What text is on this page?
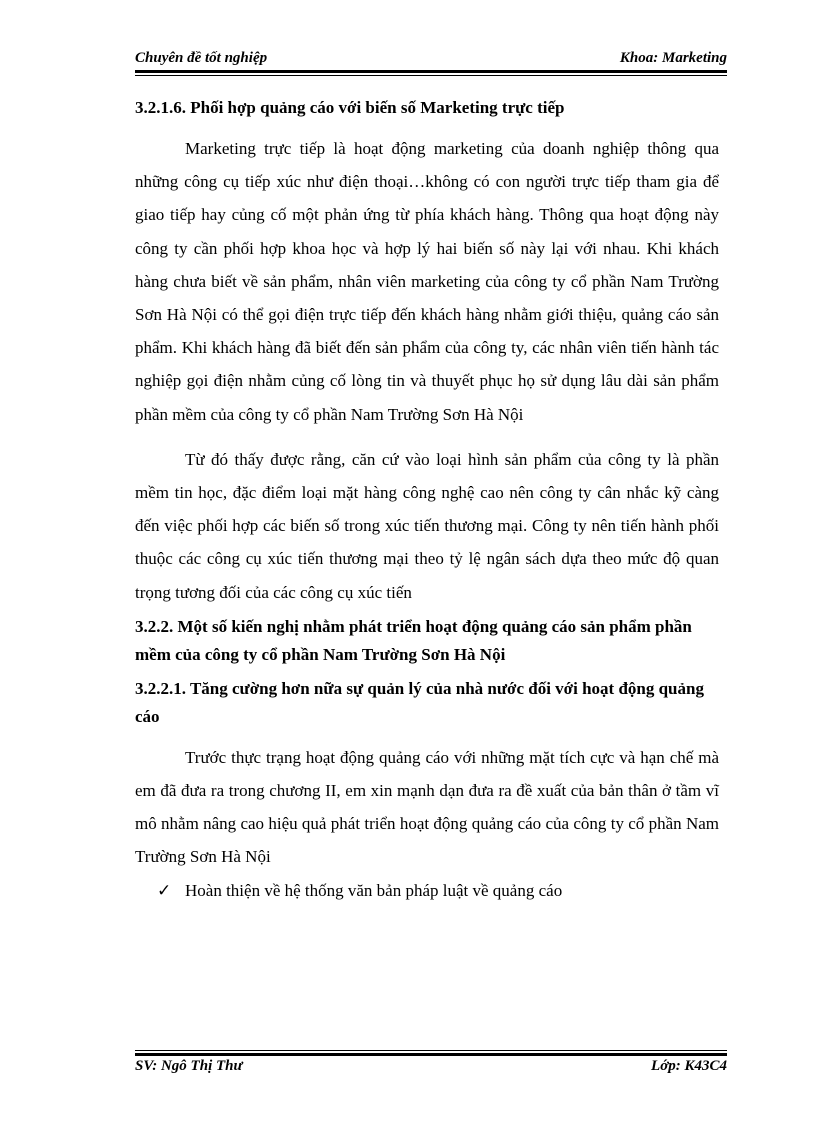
Chuyên đề tốt nghiệp	Khoa: Marketing

3.2.1.6. Phối hợp quảng cáo với biến số Marketing trực tiếp

Marketing trực tiếp là hoạt động marketing của doanh nghiệp thông qua những công cụ tiếp xúc như điện thoại…không có con người trực tiếp tham gia để giao tiếp hay củng cố một phản ứng từ phía khách hàng. Thông qua hoạt động này công ty cần phối hợp khoa học và hợp lý hai biến số này lại với nhau. Khi khách hàng chưa biết về sản phẩm, nhân viên marketing của công ty cổ phần Nam Trường Sơn Hà Nội có thể gọi điện trực tiếp đến khách hàng nhằm giới thiệu, quảng cáo sản phẩm. Khi khách hàng đã biết đến sản phẩm của công ty, các nhân viên tiến hành tác nghiệp gọi điện nhằm củng cố lòng tin và thuyết phục họ sử dụng lâu dài sản phẩm phần mềm của công ty cổ phần Nam Trường Sơn Hà Nội

Từ đó thấy được rằng, căn cứ vào loại hình sản phẩm của công ty là phần mềm tin học, đặc điểm loại mặt hàng công nghệ cao nên công ty cân nhắc kỹ càng đến việc phối hợp các biến số trong xúc tiến thương mại. Công ty nên tiến hành phối thuộc các công cụ xúc tiến thương mại theo tỷ lệ ngân sách dựa theo mức độ quan trọng tương đối của các công cụ xúc tiến

3.2.2. Một số kiến nghị nhằm phát triển hoạt động quảng cáo sản phẩm phần mềm của công ty cổ phần Nam Trường Sơn Hà Nội

3.2.2.1. Tăng cường hơn nữa sự quản lý của nhà nước đối với hoạt động quảng cáo

Trước thực trạng hoạt động quảng cáo với những mặt tích cực và hạn chế mà em đã đưa ra trong chương II, em xin mạnh dạn đưa ra đề xuất của bản thân ở tầm vĩ mô nhằm nâng cao hiệu quả phát triển hoạt động quảng cáo của công ty cổ phần Nam Trường Sơn Hà Nội

✓ Hoàn thiện về hệ thống văn bản pháp luật về quảng cáo
SV: Ngô Thị Thư	Lớp: K43C4
